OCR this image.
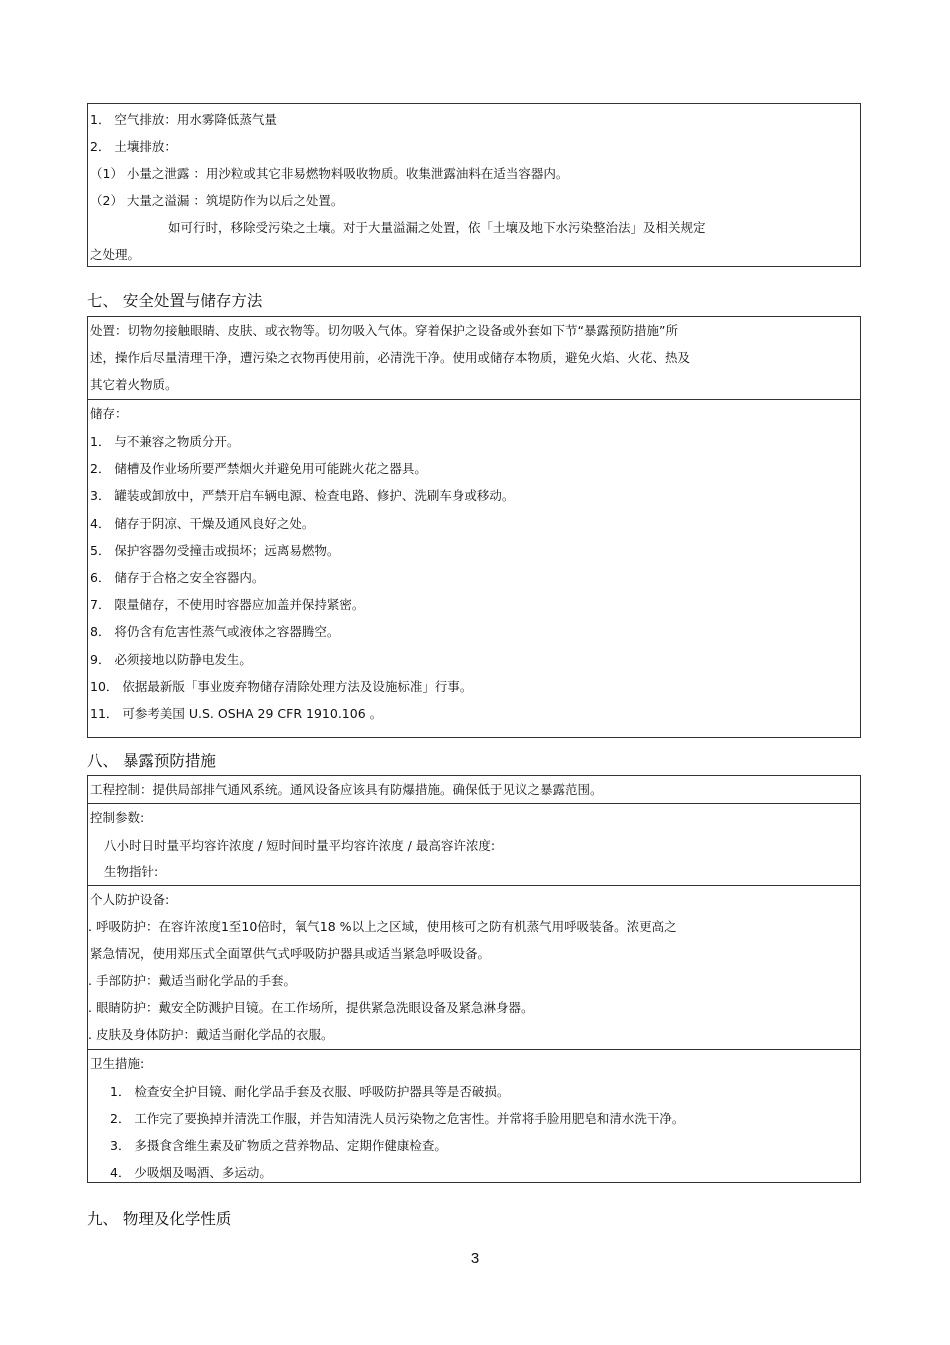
1． 空气排放：用水雾降低蒸气量
2． 土壤排放：
（1） 小量之泄露 ：用沙粒或其它非易燃物料吸收物质。收集泄露油料在适当容器内。
（2） 大量之溢漏 ：筑堤防作为以后之处置。
如可行时，移除受污染之土壤。对于大量溢漏之处置，依「土壤及地下水污染整治法」及相关规定
之处理。
七、 安全处置与储存方法
处置：切物勿接触眼睛、皮肤、或衣物等。切勿吸入气体。穿着保护之设备或外套如下节“暴露预防措施”所
述，操作后尽量清理干净，遭污染之衣物再使用前，必清洗干净。使用或储存本物质，避免火焰、火花、热及
其它着火物质。
储存：
1． 与不兼容之物质分开。
2． 储槽及作业场所要严禁烟火并避免用可能跳火花之器具。
3． 罐装或卸放中，严禁开启车辆电源、检查电路、修护、洗刷车身或移动。
4． 储存于阴凉、干燥及通风良好之处。
5． 保护容器勿受撞击或损坏；远离易燃物。
6． 储存于合格之安全容器内。
7． 限量储存，不使用时容器应加盖并保持紧密。
8． 将仍含有危害性蒸气或液体之容器腾空。
9． 必须接地以防静电发生。
10． 依据最新版「事业废弃物储存清除处理方法及设施标准」行事。
11． 可参考美国 U.S. OSHA 29 CFR 1910.106 。
八、 暴露预防措施
工程控制：提供局部排气通风系统。通风设备应该具有防爆措施。确保低于见议之暴露范围。
控制参数:
八小时日时量平均容许浓度 / 短时间时量平均容许浓度 / 最高容许浓度:
生物指针:
个人防护设备:
. 呼吸防护：在容许浓度1至10倍时，氧气18 %以上之区域，使用核可之防有机蒸气用呼吸装备。浓更高之
紧急情况，使用郑压式全面罩供气式呼吸防护器具或适当紧急呼吸设备。
. 手部防护：戴适当耐化学品的手套。
. 眼睛防护：戴安全防溅护目镜。在工作场所，提供紧急洗眼设备及紧急淋身器。
. 皮肤及身体防护：戴适当耐化学品的衣服。
卫生措施:
1． 检查安全护目镜、耐化学品手套及衣服、呼吸防护器具等是否破损。
2． 工作完了要换掉并清洗工作服，并告知清洗人员污染物之危害性。并常将手脸用肥皂和清水洗干净。
3． 多摄食含维生素及矿物质之营养物品、定期作健康检查。
4． 少吸烟及喝酒、多运动。
九、 物理及化学性质
3
